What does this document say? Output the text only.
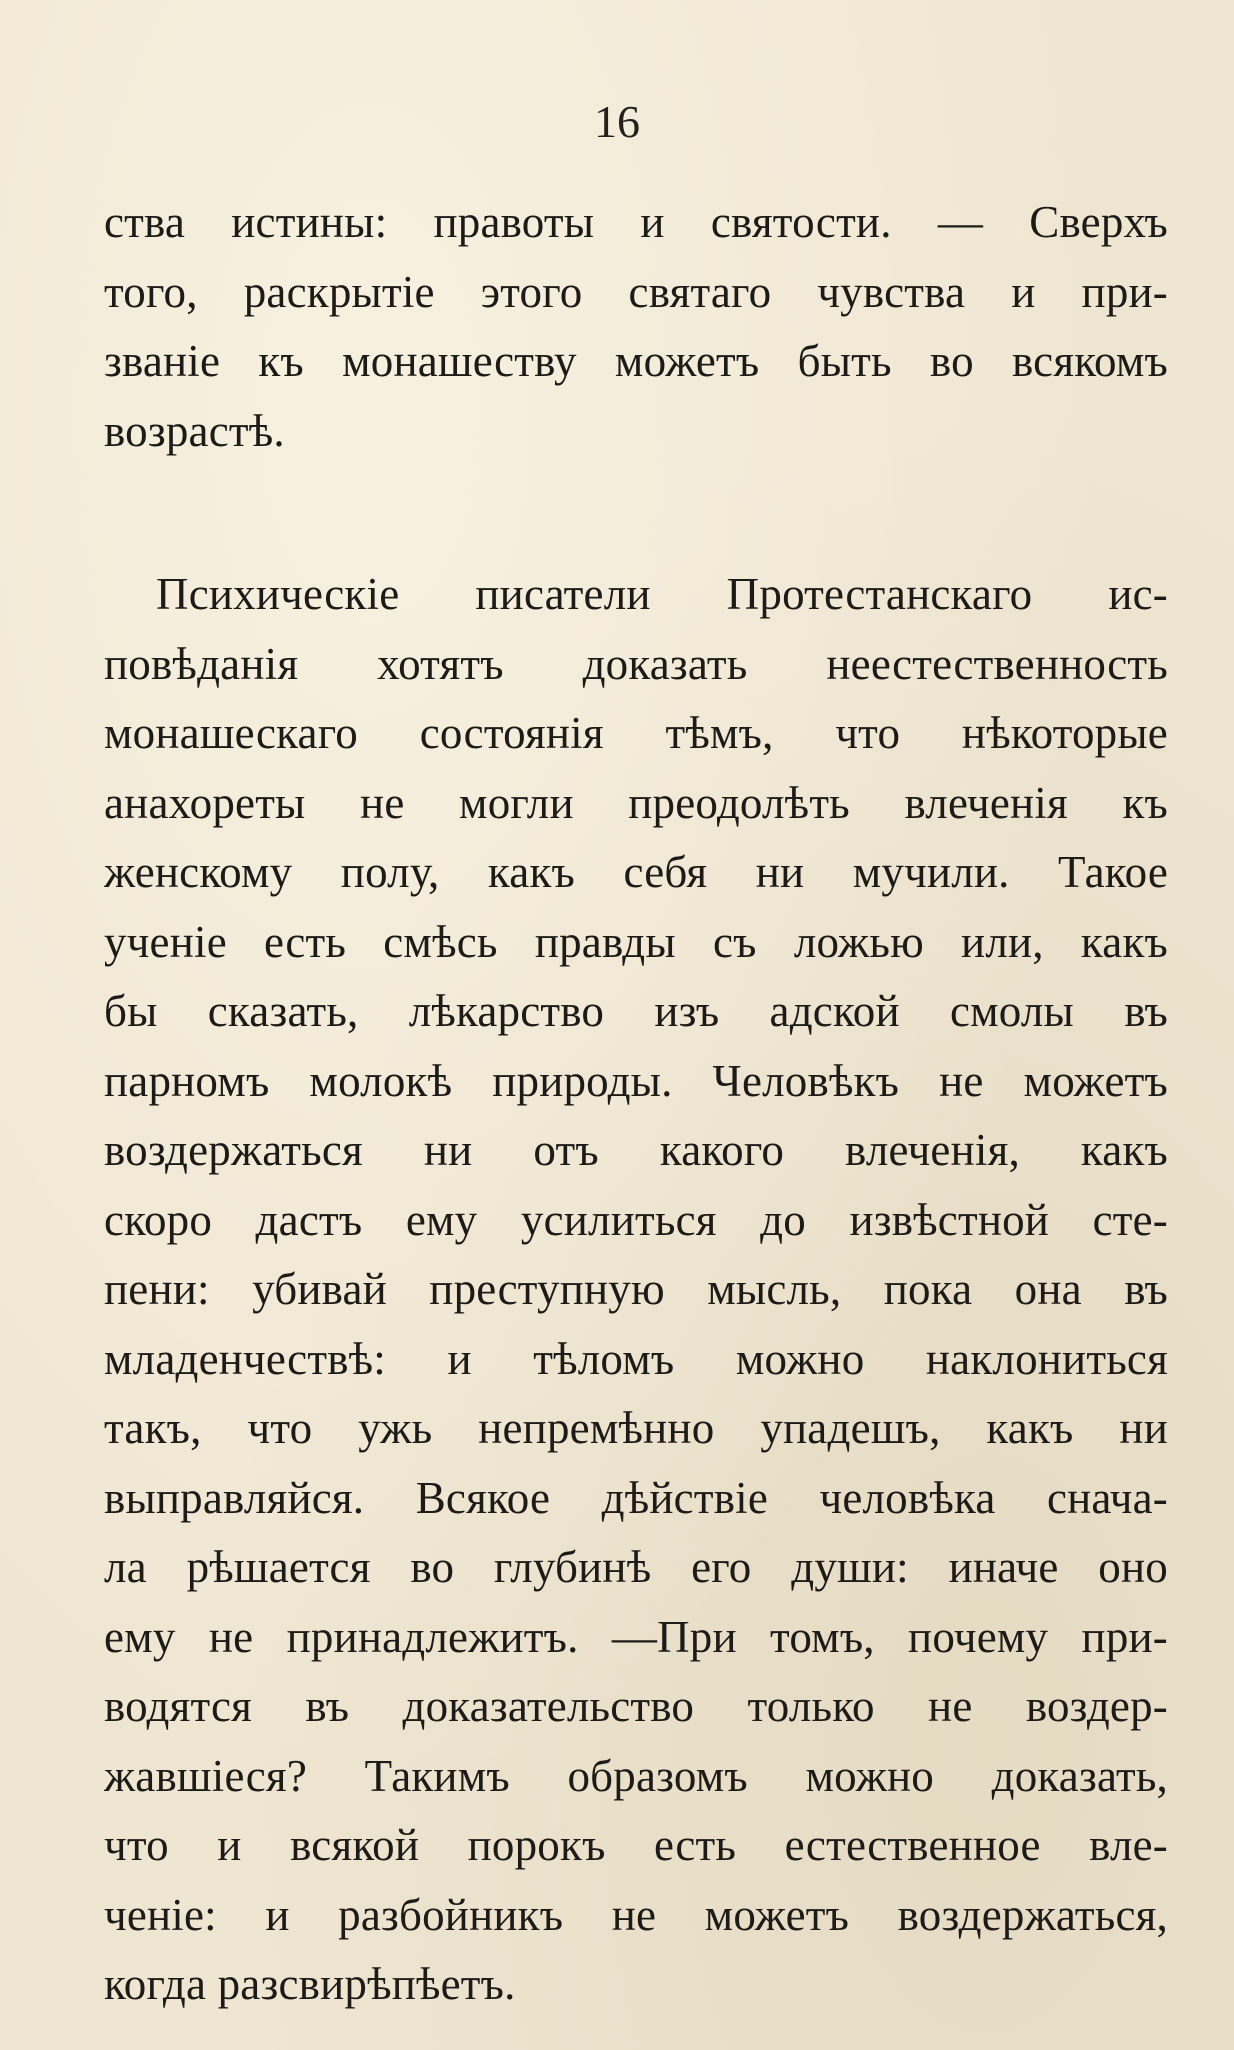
16
ства истины: правоты и святости. — Сверхъ
того, раскрытіе этого святаго чувства и при-
званіе къ монашеству можетъ быть во всякомъ
возрастѣ.
Психическіе писатели Протестанскаго ис-
повѣданія хотятъ доказать неестественность
монашескаго состоянія тѣмъ, что нѣкоторые
анахореты не могли преодолѣть влеченія къ
женскому полу, какъ себя ни мучили. Такое
ученіе есть смѣсь правды съ ложью или, какъ
бы сказать, лѣкарство изъ адской смолы въ
парномъ молокѣ природы. Человѣкъ не можетъ
воздержаться ни отъ какого влеченія, какъ
скоро дастъ ему усилиться до извѣстной сте-
пени: убивай преступную мысль, пока она въ
младенчествѣ: и тѣломъ можно наклониться
такъ, что ужь непремѣнно упадешъ, какъ ни
выправляйся. Всякое дѣйствіе человѣка снача-
ла рѣшается во глубинѣ его души: иначе оно
ему не принадлежитъ. —При томъ, почему при-
водятся въ доказательство только не воздер-
жавшіеся? Такимъ образомъ можно доказать,
что и всякой порокъ есть естественное вле-
ченіе: и разбойникъ не можетъ воздержаться,
когда разсвирѣпѣетъ.
